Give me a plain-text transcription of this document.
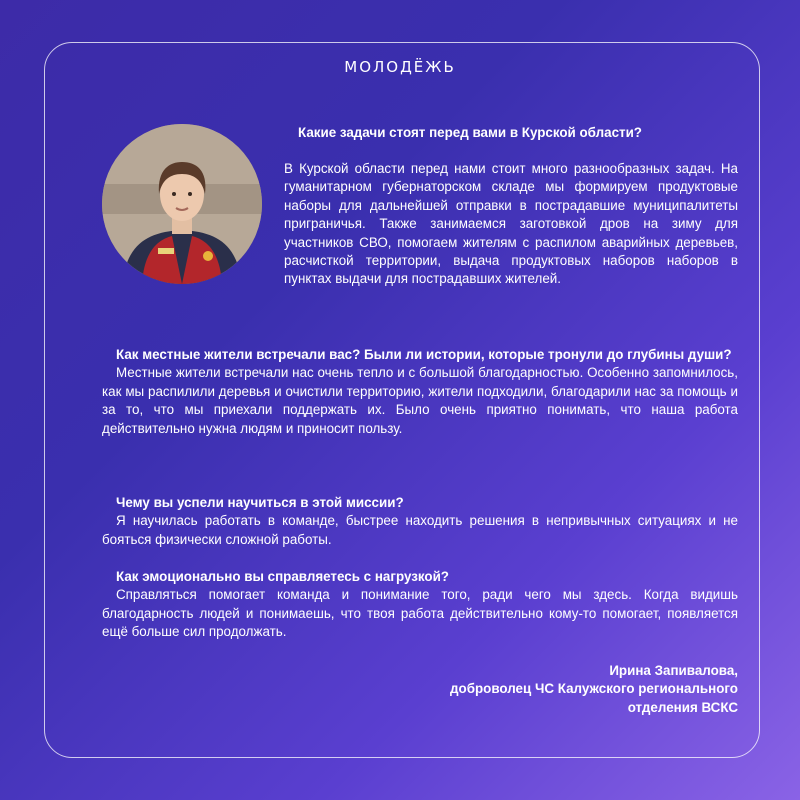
МОЛОДЁЖЬ

Какие задачи стоят перед вами в Курской области?

В Курской области перед нами стоит много разнообразных задач. На гуманитарном губернаторском складе мы формируем продуктовые наборы для дальнейшей отправки в пострадавшие муниципалитеты приграничья. Также занимаемся заготовкой дров на зиму для участников СВО, помогаем жителям с распилом аварийных деревьев, расчисткой территории, выдача продуктовых наборов наборов в пунктах выдачи для пострадавших жителей.

Как местные жители встречали вас? Были ли истории, которые тронули до глубины души?

Местные жители встречали нас очень тепло и с большой благодарностью. Особенно запомнилось, как мы распилили деревья и очистили территорию, жители подходили, благодарили нас за помощь и за то, что мы приехали поддержать их. Было очень приятно понимать, что наша работа действительно нужна людям и приносит пользу.

Чему вы успели научиться в этой миссии?

Я научилась работать в команде, быстрее находить решения в непривычных ситуациях и не бояться физически сложной работы.

Как эмоционально вы справляетесь с нагрузкой?

Справляться помогает команда и понимание того, ради чего мы здесь. Когда видишь благодарность людей и понимаешь, что твоя работа действительно кому-то помогает, появляется ещё больше сил продолжать.

Ирина Запивалова,
доброволец ЧС Калужского регионального
отделения ВСКС
